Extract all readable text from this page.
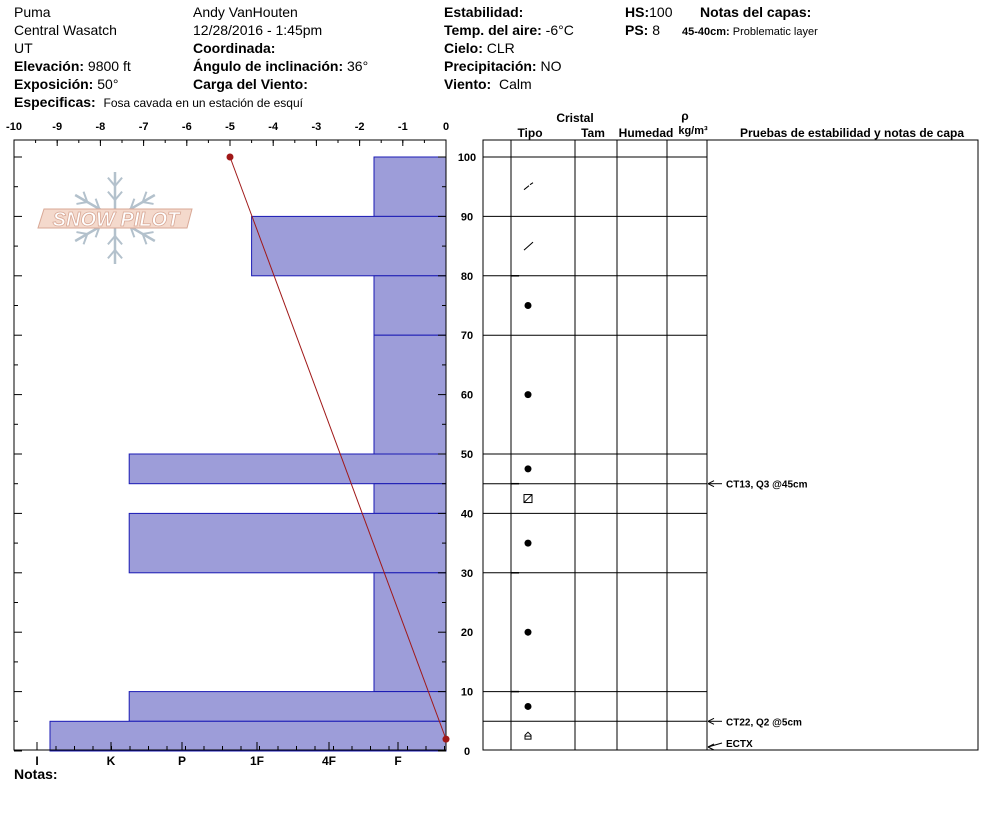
Puma
Central Wasatch
UT
Elevación: 9800 ft
Exposición: 50°
Especificas: Fosa cavada en un estación de esquí
Andy VanHouten
12/28/2016 - 1:45pm
Coordinada:
Ángulo de inclinación: 36°
Carga del Viento:
Estabilidad:
Temp. del aire: -6°C
Cielo: CLR
Precipitación: NO
Viento: Calm
HS:100
PS: 8
Notas del capas:
45-40cm: Problematic layer
Notas:
SNOW PILOT
-10	-9	-8	-7	-6	-5	-4	-3	-2	-1	0
0
10
20
30
40
50
60
70
80
90
100
I	K	P	1F	4F	F
Cristal
Tipo	Tam Humedad
ρ
kg/m³	Pruebas de estabilidad y notas de capa
CT13, Q3 @45cm
CT22, Q2 @5cm
ECTX
